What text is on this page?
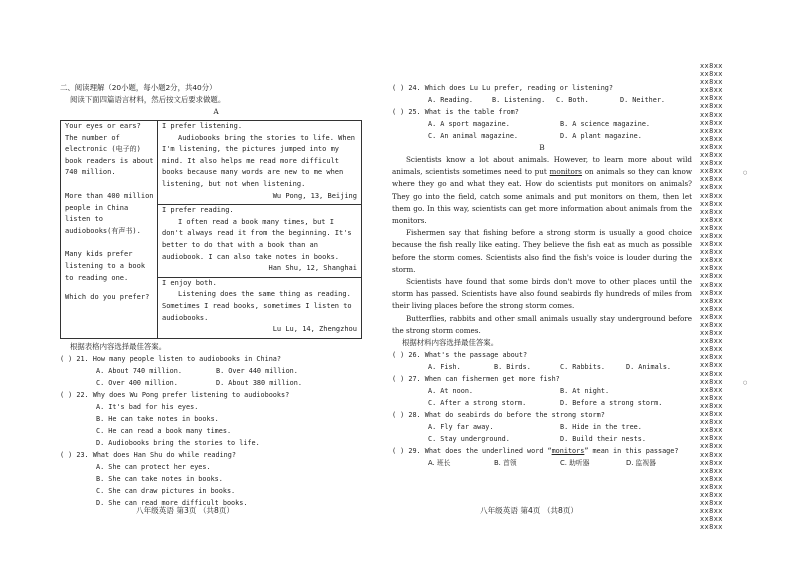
二、阅读理解（20小题，每小题2分，共40分）

阅读下面四篇语言材料，然后按文后要求做题。

A

Your eyes or ears?

The number of electronic (电子的) book readers is about 740 million.

More than 400 million people in China listen to audiobooks(有声书).

Many kids prefer listening to a book to reading one.

Which do you prefer?

I prefer listening.

Audiobooks bring the stories to life. When I'm listening, the pictures jumped into my mind. It also helps me read more difficult books because many words are new to me when listening, but not when listening.

Wu Pong, 13, Beijing

I prefer reading.

I often read a book many times, but I don't always read it from the beginning. It's better to do that with a book than an audiobook. I can also take notes in books.

Han Shu, 12, Shanghai

I enjoy both.

Listening does the same thing as reading. Sometimes I read books, sometimes I listen to audiobooks.

Lu Lu, 14, Zhengzhou

根据表格内容选择最佳答案。

( ) 21. How many people listen to audiobooks in China?

A. About 740 million.	B. Over 440 million.
C. Over 400 million.	D. About 380 million.

( ) 22. Why does Wu Pong prefer listening to audiobooks?

A. It's bad for his eyes.

B. He can take notes in books.

C. He can read a book many times.

D. Audiobooks bring the stories to life.

( ) 23. What does Han Shu do while reading?

A. She can protect her eyes.

B. She can take notes in books.

C. She can draw pictures in books.

D. She can read more difficult books.

( ) 24. Which does Lu Lu prefer, reading or listening?

A. Reading.	B. Listening.	C. Both.	D. Neither.

( ) 25. What is the table from?

A. A sport magazine.	B. A science magazine.
C. An animal magazine.	D. A plant magazine.

B

Scientists know a lot about animals. However, to learn more about wild animals, scientists sometimes need to put monitors on animals so they can know where they go and what they eat. How do scientists put monitors on animals? They go into the field, catch some animals and put monitors on them, then let them go. In this way, scientists can get more information about animals from the monitors.

Fishermen say that fishing before a strong storm is usually a good choice because the fish really like eating. They believe the fish eat as much as possible before the storm comes. Scientists also find the fish's voice is louder during the storm.

Scientists have found that some birds don't move to other places until the storm has passed. Scientists have also found seabirds fly hundreds of miles from their living places before the strong storm comes.

Butterflies, rabbits and other small animals usually stay underground before the strong storm comes.

根据材料内容选择最佳答案。

( ) 26. What's the passage about?

A. Fish.	B. Birds.	C. Rabbits.	D. Animals.

( ) 27. When can fishermen get more fish?

A. At noon.	B. At night.
C. After a strong storm.	D. Before a strong storm.

( ) 28. What do seabirds do before the strong storm?

A. Fly far away.	B. Hide in the tree.
C. Stay underground.	D. Build their nests.

( ) 29. What does the underlined word “monitors” mean in this passage?

A. 班长	B. 首领	C. 助听器	D. 监视器
八年级英语 第3页 （共8页）	八年级英语 第4页 （共8页）
ⅹⅹ8ⅹⅹ
ⅹⅹ8ⅹⅹ
ⅹⅹ8ⅹⅹ
ⅹⅹ8ⅹⅹ
ⅹⅹ8ⅹⅹ
ⅹⅹ8ⅹⅹ
ⅹⅹ8ⅹⅹ
ⅹⅹ8ⅹⅹ
ⅹⅹ8ⅹⅹ
ⅹⅹ8ⅹⅹ
ⅹⅹ8ⅹⅹ
ⅹⅹ8ⅹⅹ
ⅹⅹ8ⅹⅹ
ⅹⅹ8ⅹⅹ
ⅹⅹ8ⅹⅹ
ⅹⅹ8ⅹⅹ
ⅹⅹ8ⅹⅹ
ⅹⅹ8ⅹⅹ
ⅹⅹ8ⅹⅹ
ⅹⅹ8ⅹⅹ
ⅹⅹ8ⅹⅹ
ⅹⅹ8ⅹⅹ
ⅹⅹ8ⅹⅹ
ⅹⅹ8ⅹⅹ
ⅹⅹ8ⅹⅹ
ⅹⅹ8ⅹⅹ
ⅹⅹ8ⅹⅹ
ⅹⅹ8ⅹⅹ
ⅹⅹ8ⅹⅹ
ⅹⅹ8ⅹⅹ
ⅹⅹ8ⅹⅹ
ⅹⅹ8ⅹⅹ
ⅹⅹ8ⅹⅹ
ⅹⅹ8ⅹⅹ
ⅹⅹ8ⅹⅹ
ⅹⅹ8ⅹⅹ
ⅹⅹ8ⅹⅹ
ⅹⅹ8ⅹⅹ
ⅹⅹ8ⅹⅹ
ⅹⅹ8ⅹⅹ
ⅹⅹ8ⅹⅹ
ⅹⅹ8ⅹⅹ
ⅹⅹ8ⅹⅹ
ⅹⅹ8ⅹⅹ
ⅹⅹ8ⅹⅹ
ⅹⅹ8ⅹⅹ
ⅹⅹ8ⅹⅹ
ⅹⅹ8ⅹⅹ
ⅹⅹ8ⅹⅹ
ⅹⅹ8ⅹⅹ
ⅹⅹ8ⅹⅹ
ⅹⅹ8ⅹⅹ
ⅹⅹ8ⅹⅹ
ⅹⅹ8ⅹⅹ
ⅹⅹ8ⅹⅹ
ⅹⅹ8ⅹⅹ
ⅹⅹ8ⅹⅹ
ⅹⅹ8ⅹⅹ
○
○
